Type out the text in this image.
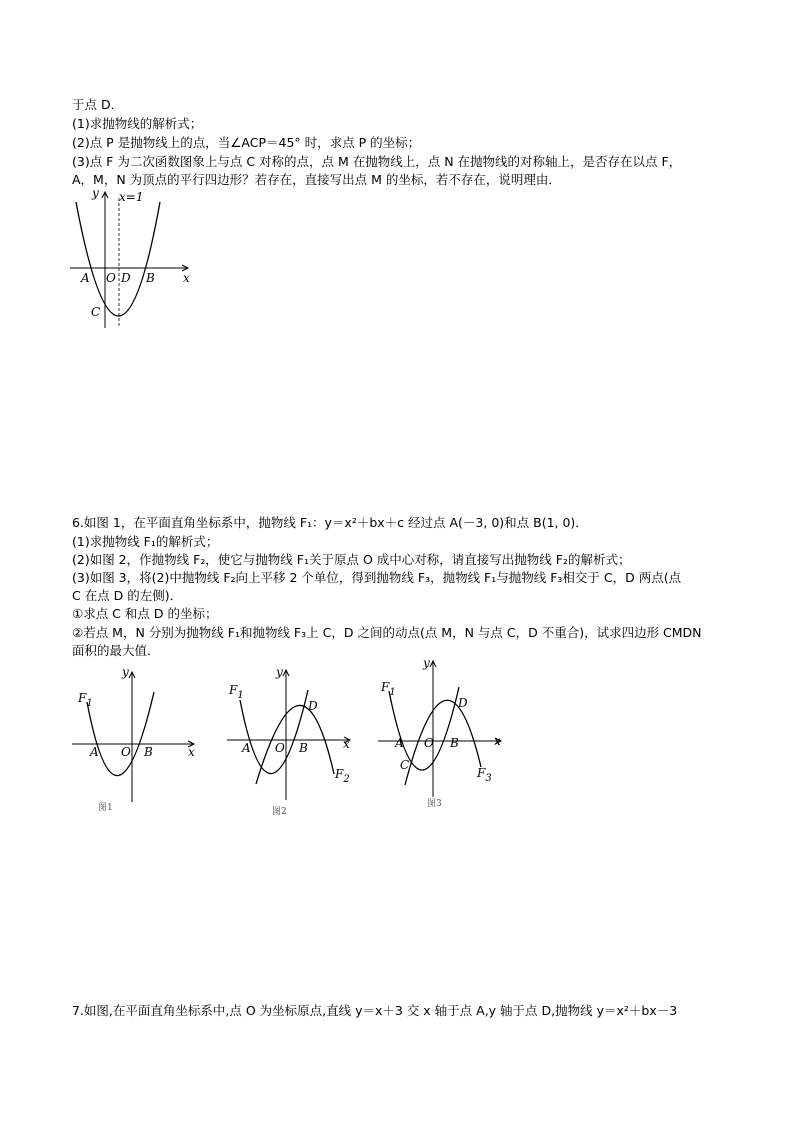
于点 D．
(1)求抛物线的解析式；
(2)点 P 是抛物线上的点，当∠ACP＝45° 时，求点 P 的坐标；
(3)点 F 为二次函数图象上与点 C 对称的点，点 M 在抛物线上，点 N 在抛物线的对称轴上，是否存在以点 F，
A，M，N 为顶点的平行四边形？若存在，直接写出点 M 的坐标，若不存在，说明理由．
y x=1
x
A O D B
C
6.如图 1，在平面直角坐标系中，抛物线 F₁：y＝x²＋bx＋c 经过点 A(－3, 0)和点 B(1, 0)．
(1)求抛物线 F₁的解析式；
(2)如图 2，作抛物线 F₂，使它与抛物线 F₁关于原点 O 成中心对称，请直接写出抛物线 F₂的解析式；
(3)如图 3，将(2)中抛物线 F₂向上平移 2 个单位，得到抛物线 F₃，抛物线 F₁与抛物线 F₃相交于 C，D 两点(点
C 在点 D 的左侧)．
①求点 C 和点 D 的坐标；
②若点 M，N 分别为抛物线 F₁和抛物线 F₃上 C，D 之间的动点(点 M，N 与点 C，D 不重合)，试求四边形 CMDN
面积的最大值．
$F_1$
y
x
A O B
图1
$F_1$
$F_2$
y
x
A O B
D
图2
$F_1$
$F_3$
y
x
A O B
C
D
图3
7.如图,在平面直角坐标系中,点 O 为坐标原点,直线 y＝x＋3 交 x 轴于点 A,y 轴于点 D,抛物线 y＝x²＋bx－3
